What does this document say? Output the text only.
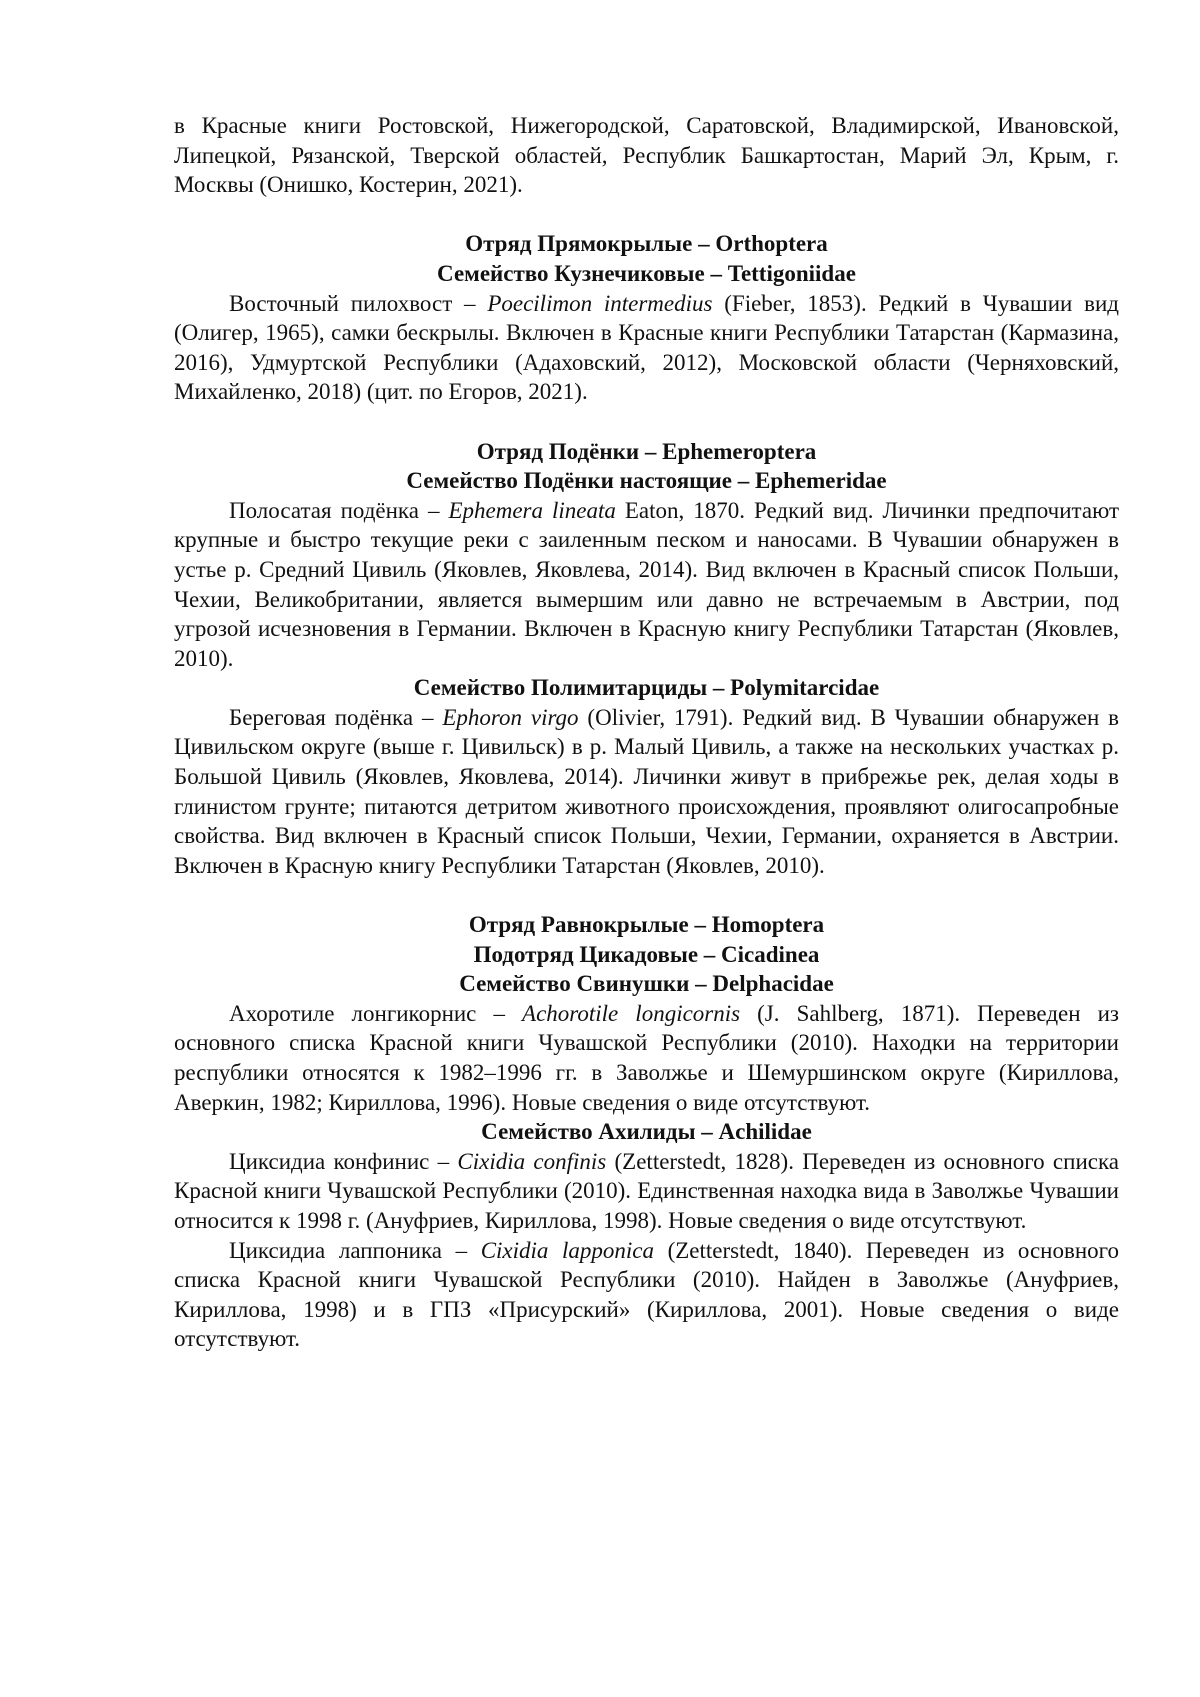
в Красные книги Ростовской, Нижегородской, Саратовской, Владимирской, Ивановской, Липецкой, Рязанской, Тверской областей, Республик Башкартостан, Марий Эл, Крым, г. Москвы (Онишко, Костерин, 2021).

Отряд Прямокрылые – Orthoptera

Семейство Кузнечиковые – Tettigoniidae

Восточный пилохвост – Poecilimon intermedius (Fieber, 1853). Редкий в Чувашии вид (Олигер, 1965), самки бескрылы. Включен в Красные книги Республики Татарстан (Кармазина, 2016), Удмуртской Республики (Адаховский, 2012), Московской области (Черняховский, Михайленко, 2018) (цит. по Егоров, 2021).

Отряд Подёнки – Ephemeroptera

Семейство Подёнки настоящие – Ephemeridae

Полосатая подёнка – Ephemera lineata Eaton, 1870. Редкий вид. Личинки предпочитают крупные и быстро текущие реки с заиленным песком и наносами. В Чувашии обнаружен в устье р. Средний Цивиль (Яковлев, Яковлева, 2014). Вид включен в Красный список Польши, Чехии, Великобритании, является вымершим или давно не встречаемым в Австрии, под угрозой исчезновения в Германии. Включен в Красную книгу Республики Татарстан (Яковлев, 2010).

Семейство Полимитарциды – Polymitarcidae

Береговая подёнка – Ephoron virgo (Olivier, 1791). Редкий вид. В Чувашии обнаружен в Цивильском округе (выше г. Цивильск) в р. Малый Цивиль, а также на нескольких участках р. Большой Цивиль (Яковлев, Яковлева, 2014). Личинки живут в прибрежье рек, делая ходы в глинистом грунте; питаются детритом животного происхождения, проявляют олигосапробные свойства. Вид включен в Красный список Польши, Чехии, Германии, охраняется в Австрии. Включен в Красную книгу Республики Татарстан (Яковлев, 2010).

Отряд Равнокрылые – Homoptera

Подотряд Цикадовые – Cicadinea

Семейство Свинушки – Delphacidae

Ахоротиле лонгикорнис – Achorotile longicornis (J. Sahlberg, 1871). Переведен из основного списка Красной книги Чувашской Республики (2010). Находки на территории республики относятся к 1982–1996 гг. в Заволжье и Шемуршинском округе (Кириллова, Аверкин, 1982; Кириллова, 1996). Новые сведения о виде отсутствуют.

Семейство Ахилиды – Achilidae

Циксидиа конфинис – Cixidia confinis (Zetterstedt, 1828). Переведен из основного списка Красной книги Чувашской Республики (2010). Единственная находка вида в Заволжье Чувашии относится к 1998 г. (Ануфриев, Кириллова, 1998). Новые сведения о виде отсутствуют.

Циксидиа лаппоника – Cixidia lapponica (Zetterstedt, 1840). Переведен из основного списка Красной книги Чувашской Республики (2010). Найден в Заволжье (Ануфриев, Кириллова, 1998) и в ГПЗ «Присурский» (Кириллова, 2001). Новые сведения о виде отсутствуют.
